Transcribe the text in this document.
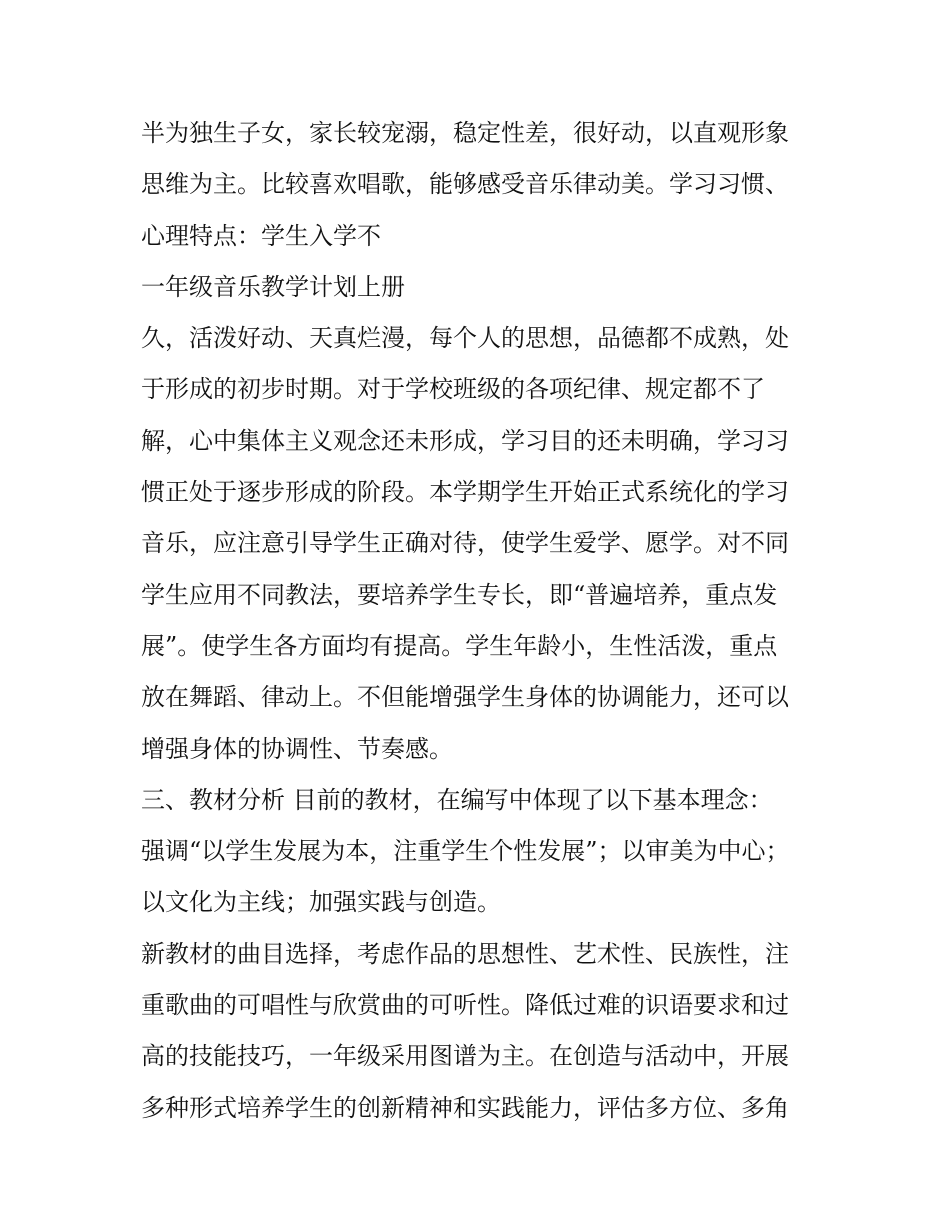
半为独生子女，家长较宠溺，稳定性差，很好动，以直观形象
思维为主。比较喜欢唱歌，能够感受音乐律动美。学习习惯、
心理特点：学生入学不
一年级音乐教学计划上册
久，活泼好动、天真烂漫，每个人的思想，品德都不成熟，处
于形成的初步时期。对于学校班级的各项纪律、规定都不了
解，心中集体主义观念还未形成，学习目的还未明确，学习习
惯正处于逐步形成的阶段。本学期学生开始正式系统化的学习
音乐，应注意引导学生正确对待，使学生爱学、愿学。对不同
学生应用不同教法，要培养学生专长，即“普遍培养，重点发
展”。使学生各方面均有提高。学生年龄小，生性活泼，重点
放在舞蹈、律动上。不但能增强学生身体的协调能力，还可以
增强身体的协调性、节奏感。
三、教材分析 目前的教材，在编写中体现了以下基本理念：
强调“以学生发展为本，注重学生个性发展”；以审美为中心；
以文化为主线；加强实践与创造。
新教材的曲目选择，考虑作品的思想性、艺术性、民族性，注
重歌曲的可唱性与欣赏曲的可听性。降低过难的识语要求和过
高的技能技巧，一年级采用图谱为主。在创造与活动中，开展
多种形式培养学生的创新精神和实践能力，评估多方位、多角
